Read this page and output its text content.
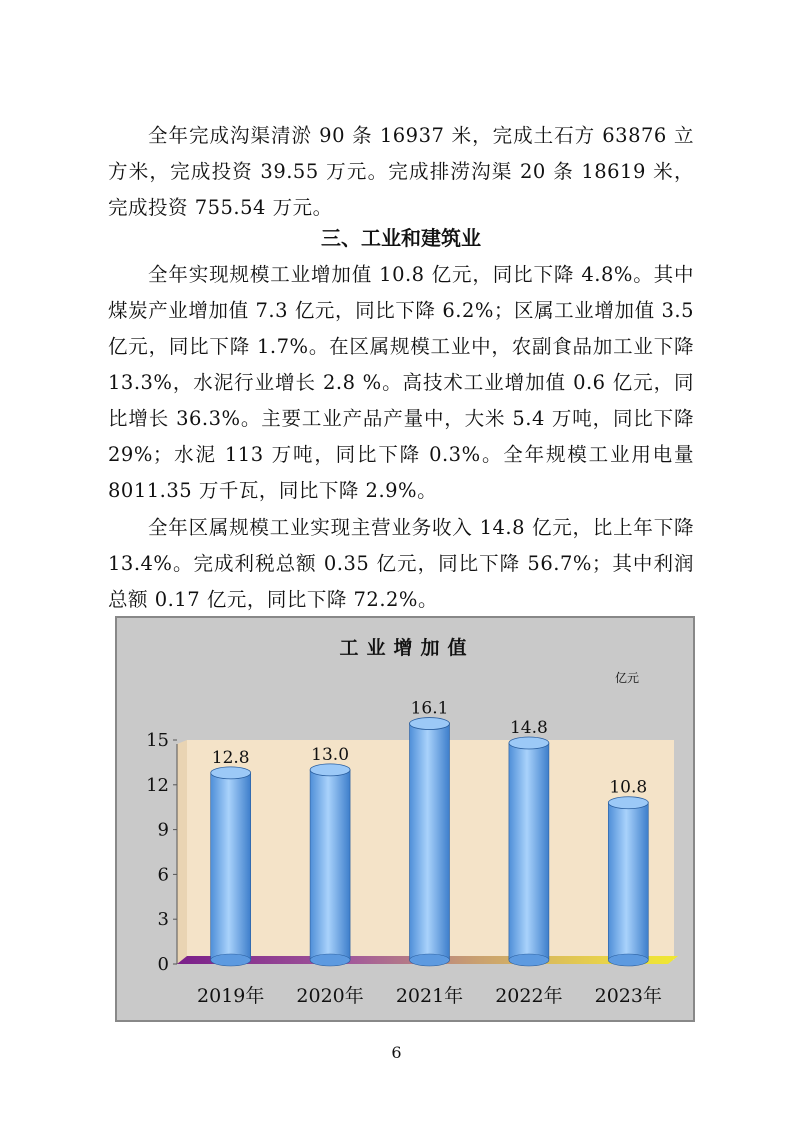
全年完成沟渠清淤 90 条 16937 米，完成土石方 63876 立方米，完成投资 39.55 万元。完成排涝沟渠 20 条 18619 米，完成投资 755.54 万元。

三、工业和建筑业

全年实现规模工业增加值 10.8 亿元，同比下降 4.8%。其中煤炭产业增加值 7.3 亿元，同比下降 6.2%；区属工业增加值 3.5 亿元，同比下降 1.7%。在区属规模工业中，农副食品加工业下降 13.3%，水泥行业增长 2.8 %。高技术工业增加值 0.6 亿元，同比增长 36.3%。主要工业产品产量中，大米 5.4 万吨，同比下降 29%；水泥 113 万吨，同比下降 0.3%。全年规模工业用电量 8011.35 万千瓦，同比下降 2.9%。

全年区属规模工业实现主营业务收入 14.8 亿元，比上年下降 13.4%。完成利税总额 0.35 亿元，同比下降 56.7%；其中利润总额 0.17 亿元，同比下降 72.2%。

工业增加值
亿元
0
3
6
9
12
15
12.8	13.0
16.1
14.8
10.8
2019年 2020年 2021年 2022年 2023年

6
